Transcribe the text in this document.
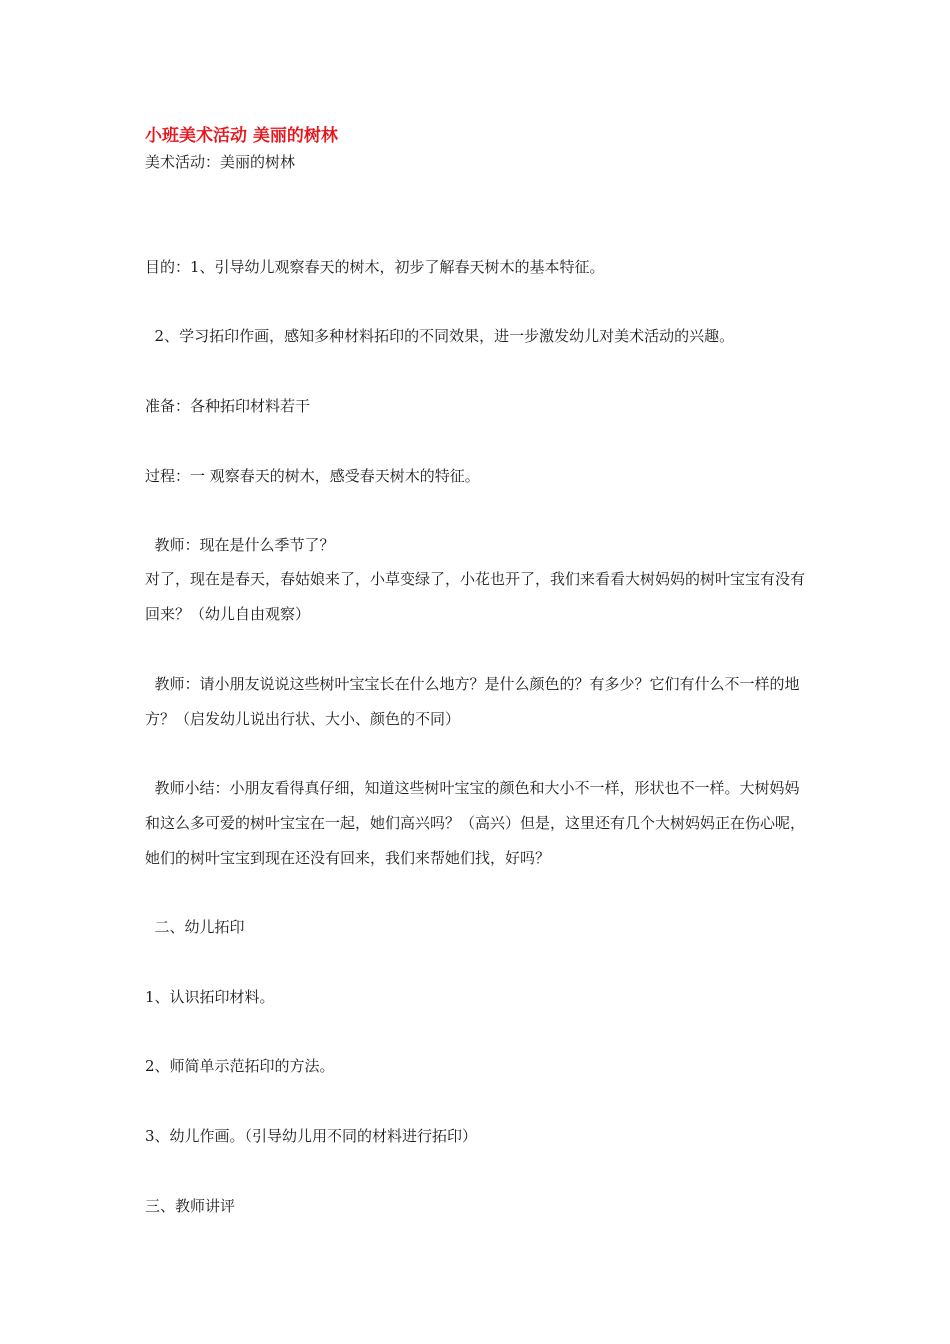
小班美术活动 美丽的树林
美术活动：美丽的树林
目的：1、引导幼儿观察春天的树木，初步了解春天树木的基本特征。
2、学习拓印作画，感知多种材料拓印的不同效果，进一步激发幼儿对美术活动的兴趣。
准备：各种拓印材料若干
过程：一 观察春天的树木，感受春天树木的特征。
教师：现在是什么季节了？
对了，现在是春天，春姑娘来了，小草变绿了，小花也开了，我们来看看大树妈妈的树叶宝宝有没有回来？（幼儿自由观察）
教师：请小朋友说说这些树叶宝宝长在什么地方？是什么颜色的？有多少？它们有什么不一样的地方？（启发幼儿说出行状、大小、颜色的不同）
教师小结：小朋友看得真仔细，知道这些树叶宝宝的颜色和大小不一样，形状也不一样。大树妈妈和这么多可爱的树叶宝宝在一起，她们高兴吗？（高兴）但是，这里还有几个大树妈妈正在伤心呢，她们的树叶宝宝到现在还没有回来，我们来帮她们找，好吗？
二、幼儿拓印
1、认识拓印材料。
2、师简单示范拓印的方法。
3、幼儿作画。（引导幼儿用不同的材料进行拓印）
三、教师讲评
